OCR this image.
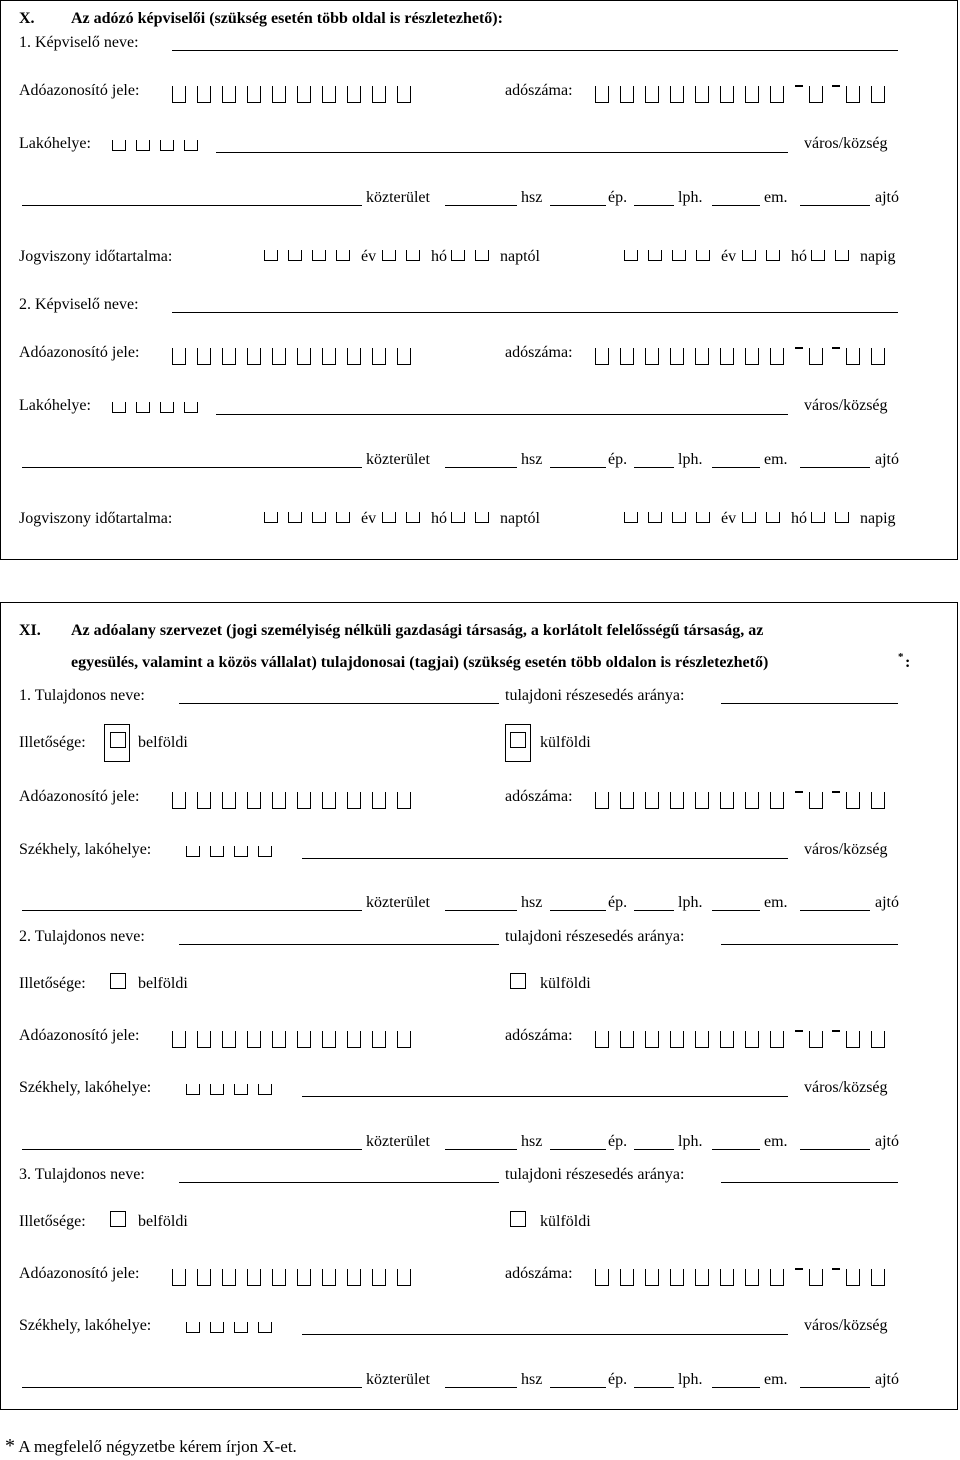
X. Az adózó képviselői (szükség esetén több oldal is részletezhető):
1. Képviselő neve:
Adóazonosító jele:	adószáma:
Lakóhelye:	város/község
közterület	hsz	ép.	lph.	em.	ajtó
Jogviszony időtartalma:	év	hó	naptól	év	hó	napig
2. Képviselő neve:
Adóazonosító jele:	adószáma:
Lakóhelye:	város/község
közterület	hsz	ép.	lph.	em.	ajtó
Jogviszony időtartalma:	év	hó	naptól	év	hó	napig
XI. Az adóalany szervezet (jogi személyiség nélküli gazdasági társaság, a korlátolt felelősségű társaság, az
egyesülés, valamint a közös vállalat) tulajdonosai (tagjai) (szükség esetén több oldalon is részletezhető)	* :
1. Tulajdonos neve:	tulajdoni részesedés aránya:
Illetősége:	belföldi	külföldi
Adóazonosító jele:	adószáma:
Székhely, lakóhelye:	város/község
közterület	hsz	ép.	lph.	em.	ajtó
2. Tulajdonos neve:	tulajdoni részesedés aránya:
Illetősége:	belföldi	külföldi
Adóazonosító jele:	adószáma:
Székhely, lakóhelye:	város/község
közterület	hsz	ép.	lph.	em.	ajtó
3. Tulajdonos neve:	tulajdoni részesedés aránya:
Illetősége:	belföldi	külföldi
Adóazonosító jele:	adószáma:
Székhely, lakóhelye:	város/község
közterület	hsz	ép.	lph.	em.	ajtó
* A megfelelő négyzetbe kérem írjon X-et.
